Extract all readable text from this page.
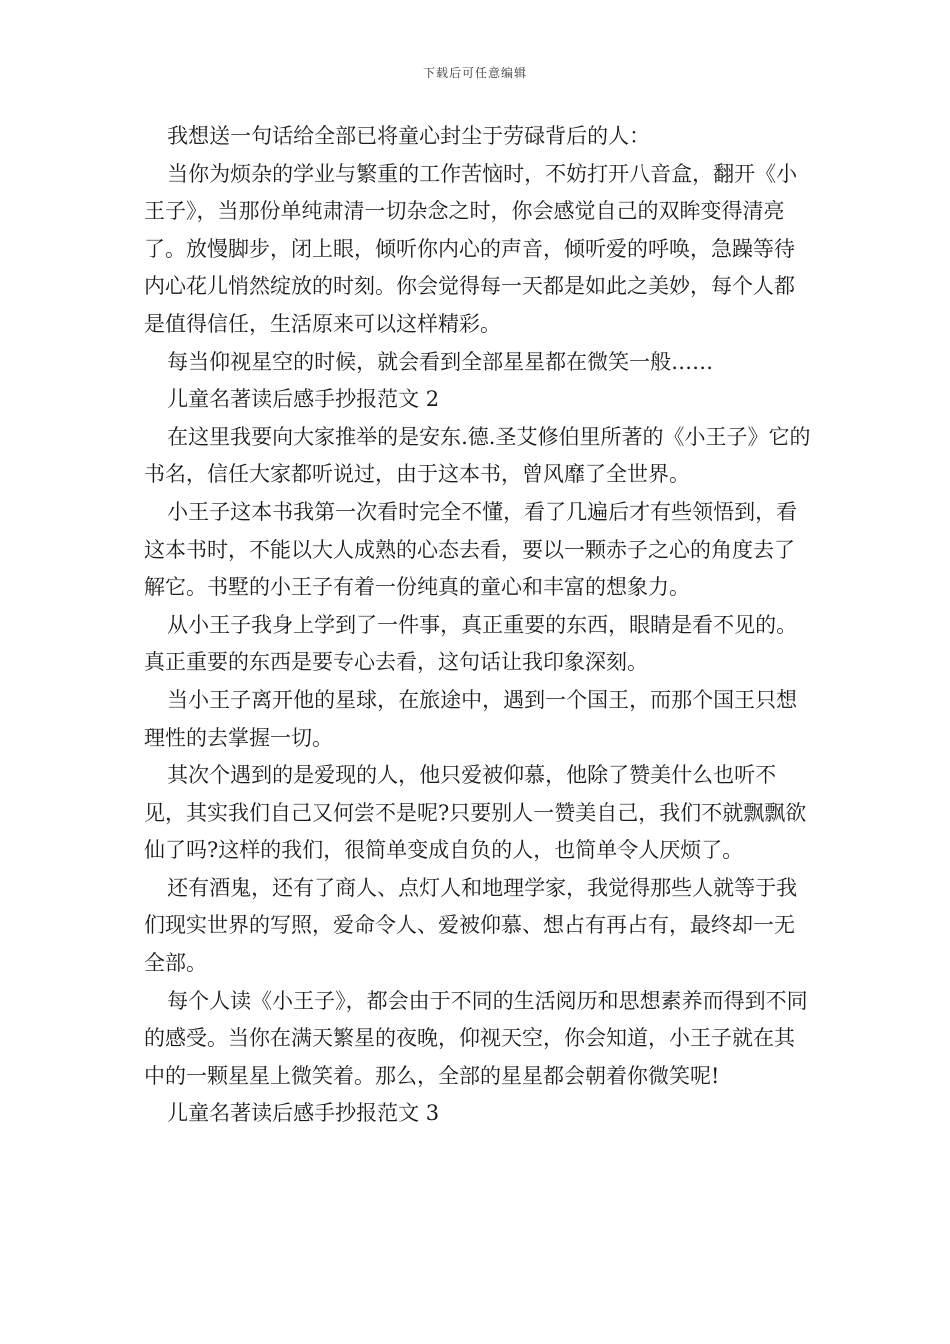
下载后可任意编辑

我想送一句话给全部已将童心封尘于劳碌背后的人：

当你为烦杂的学业与繁重的工作苦恼时，不妨打开八音盒，翻开《小王子》，当那份单纯肃清一切杂念之时，你会感觉自己的双眸变得清亮了。放慢脚步，闭上眼，倾听你内心的声音，倾听爱的呼唤，急躁等待内心花儿悄然绽放的时刻。你会觉得每一天都是如此之美妙，每个人都是值得信任，生活原来可以这样精彩。

每当仰视星空的时候，就会看到全部星星都在微笑一般……

儿童名著读后感手抄报范文 2

在这里我要向大家推举的是安东.德.圣艾修伯里所著的《小王子》它的书名，信任大家都听说过，由于这本书，曾风靡了全世界。

小王子这本书我第一次看时完全不懂，看了几遍后才有些领悟到，看这本书时，不能以大人成熟的心态去看，要以一颗赤子之心的角度去了解它。书墅的小王子有着一份纯真的童心和丰富的想象力。

从小王子我身上学到了一件事，真正重要的东西，眼睛是看不见的。真正重要的东西是要专心去看，这句话让我印象深刻。

当小王子离开他的星球，在旅途中，遇到一个国王，而那个国王只想理性的去掌握一切。

其次个遇到的是爱现的人，他只爱被仰慕，他除了赞美什么也听不见，其实我们自己又何尝不是呢?只要别人一赞美自己，我们不就飘飘欲仙了吗?这样的我们，很简单变成自负的人，也简单令人厌烦了。

还有酒鬼，还有了商人、点灯人和地理学家，我觉得那些人就等于我们现实世界的写照，爱命令人、爱被仰慕、想占有再占有，最终却一无全部。

每个人读《小王子》，都会由于不同的生活阅历和思想素养而得到不同的感受。当你在满天繁星的夜晚，仰视天空，你会知道，小王子就在其中的一颗星星上微笑着。那么，全部的星星都会朝着你微笑呢!

儿童名著读后感手抄报范文 3
